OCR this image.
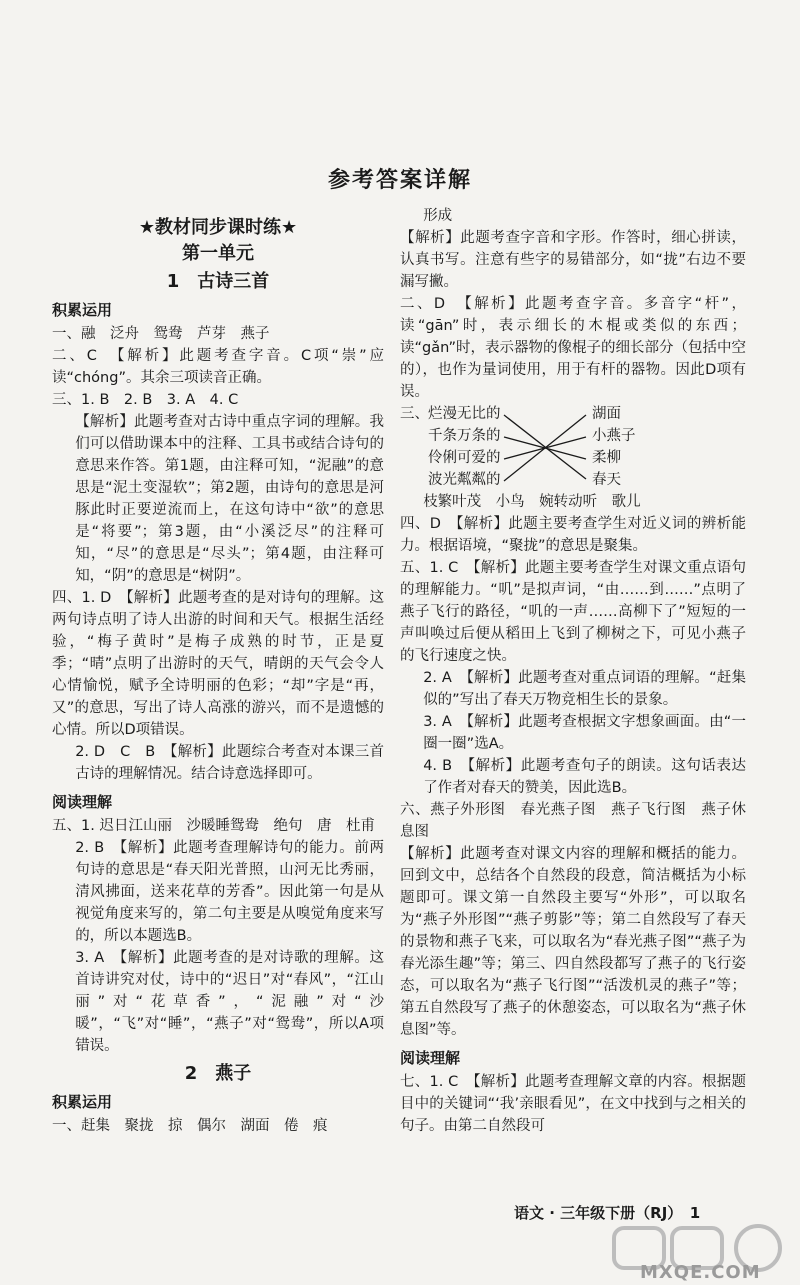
参考答案详解
★教材同步课时练★
第一单元
1　古诗三首
积累运用

一、融　泛舟　鸳鸯　芦芽　燕子

二、C　【解析】此题考查字音。C项“崇”应读“chóng”。其余三项读音正确。

三、1. B　2. B　3. A　4. C

【解析】此题考查对古诗中重点字词的理解。我们可以借助课本中的注释、工具书或结合诗句的意思来作答。第1题，由注释可知，“泥融”的意思是“泥土变湿软”；第2题，由诗句的意思是河豚此时正要逆流而上，在这句诗中“欲”的意思是“将要”；第3题，由“小溪泛尽”的注释可知，“尽”的意思是“尽头”；第4题，由注释可知，“阴”的意思是“树阴”。

四、1. D　【解析】此题考查的是对诗句的理解。这两句诗点明了诗人出游的时间和天气。根据生活经验，“梅子黄时”是梅子成熟的时节，正是夏季；“晴”点明了出游时的天气，晴朗的天气会令人心情愉悦，赋予全诗明丽的色彩；“却”字是“再，又”的意思，写出了诗人高涨的游兴，而不是遗憾的心情。所以D项错误。

2. D　C　B　【解析】此题综合考查对本课三首古诗的理解情况。结合诗意选择即可。

阅读理解

五、1. 迟日江山丽　沙暖睡鸳鸯　绝句　唐　杜甫

2. B　【解析】此题考查理解诗句的能力。前两句诗的意思是“春天阳光普照，山河无比秀丽，清风拂面，送来花草的芳香”。因此第一句是从视觉角度来写的，第二句主要是从嗅觉角度来写的，所以本题选B。

3. A　【解析】此题考查的是对诗歌的理解。这首诗讲究对仗，诗中的“迟日”对“春风”，“江山丽”对“花草香”，“泥融”对“沙暖”，“飞”对“睡”，“燕子”对“鸳鸯”，所以A项错误。

2　燕子
积累运用

一、赶集　聚拢　掠　偶尔　湖面　倦　痕

形成

【解析】此题考查字音和字形。作答时，细心拼读，认真书写。注意有些字的易错部分，如“拢”右边不要漏写撇。

二、D　【解析】此题考查字音。多音字“杆”，读“gān”时，表示细长的木棍或类似的东西；读“gǎn”时，表示器物的像棍子的细长部分（包括中空的），也作为量词使用，用于有杆的器物。因此D项有误。

三、 烂漫无比的
千条万条的
伶俐可爱的
波光粼粼的
湖面
小燕子
柔柳
春天

枝繁叶茂　小鸟　婉转动听　歌儿

四、D　【解析】此题主要考查学生对近义词的辨析能力。根据语境，“聚拢”的意思是聚集。

五、1. C　【解析】此题主要考查学生对课文重点语句的理解能力。“叽”是拟声词，“由……到……”点明了燕子飞行的路径，“叽的一声……高柳下了”短短的一声叫唤过后便从稻田上飞到了柳树之下，可见小燕子的飞行速度之快。

2. A　【解析】此题考查对重点词语的理解。“赶集似的”写出了春天万物竞相生长的景象。

3. A　【解析】此题考查根据文字想象画面。由“一圈一圈”选A。

4. B　【解析】此题考查句子的朗读。这句话表达了作者对春天的赞美，因此选B。

六、燕子外形图　春光燕子图　燕子飞行图　燕子休息图

【解析】此题考查对课文内容的理解和概括的能力。回到文中，总结各个自然段的段意，简洁概括为小标题即可。课文第一自然段主要写“外形”，可以取名为“燕子外形图”“燕子剪影”等；第二自然段写了春天的景物和燕子飞来，可以取名为“春光燕子图”“燕子为春光添生趣”等；第三、四自然段都写了燕子的飞行姿态，可以取名为“燕子飞行图”“活泼机灵的燕子”等；第五自然段写了燕子的休憩姿态，可以取名为“燕子休息图”等。

阅读理解

七、1. C　【解析】此题考查理解文章的内容。根据题目中的关键词“‘我’亲眼看见”，在文中找到与之相关的句子。由第二自然段可

语文 · 三年级下册（RJ）　1
MXQE.COM
